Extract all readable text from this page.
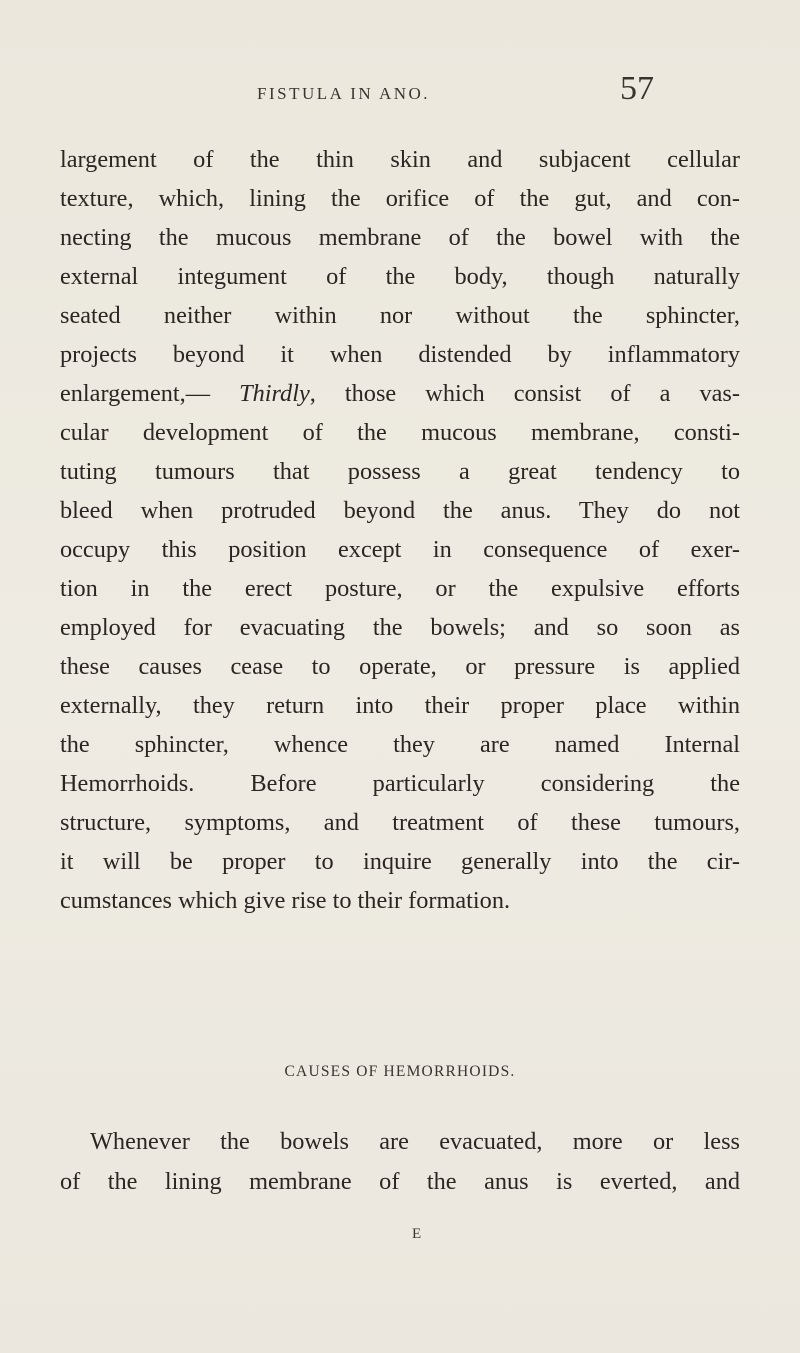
FISTULA IN ANO.	57
largement of the thin skin and subjacent cellular
texture, which, lining the orifice of the gut, and con-
necting the mucous membrane of the bowel with the
external integument of the body, though naturally
seated neither within nor without the sphincter,
projects beyond it when distended by inflammatory
enlargement,— Thirdly, those which consist of a vas-
cular development of the mucous membrane, consti-
tuting tumours that possess a great tendency to
bleed when protruded beyond the anus. They do not
occupy this position except in consequence of exer-
tion in the erect posture, or the expulsive efforts
employed for evacuating the bowels; and so soon as
these causes cease to operate, or pressure is applied
externally, they return into their proper place within
the sphincter, whence they are named Internal
Hemorrhoids. Before particularly considering the
structure, symptoms, and treatment of these tumours,
it will be proper to inquire generally into the cir-
cumstances which give rise to their formation.
CAUSES OF HEMORRHOIDS.
Whenever the bowels are evacuated, more or less
of the lining membrane of the anus is everted, and
E
